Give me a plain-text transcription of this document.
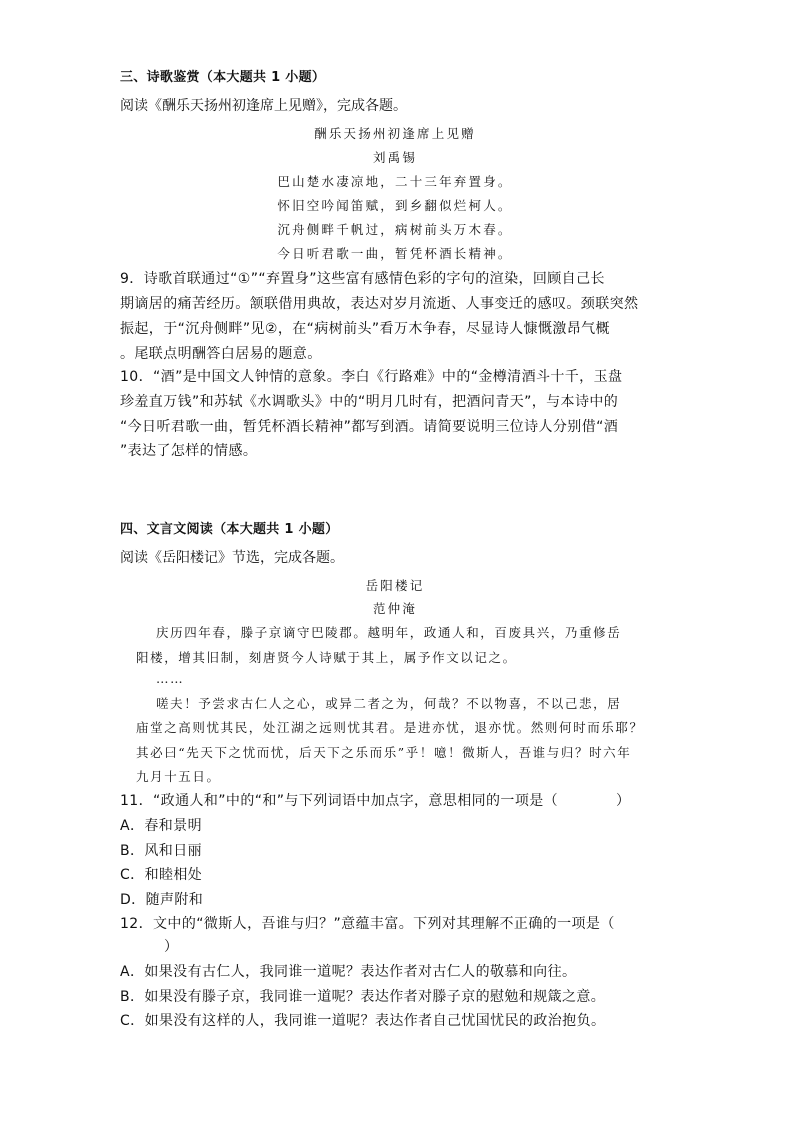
三、诗歌鉴赏（本大题共 1 小题）
阅读《酬乐天扬州初逢席上见赠》，完成各题。
酬乐天扬州初逢席上见赠
刘禹锡
巴山楚水凄凉地，二十三年弃置身。
怀旧空吟闻笛赋，到乡翻似烂柯人。
沉舟侧畔千帆过，病树前头万木春。
今日听君歌一曲，暂凭杯酒长精神。
9．诗歌首联通过“①”“弃置身”这些富有感情色彩的字句的渲染，回顾自己长
期谪居的痛苦经历。颔联借用典故，表达对岁月流逝、人事变迁的感叹。颈联突然
振起，于“沉舟侧畔”见②，在“病树前头”看万木争春，尽显诗人慷慨激昂气概
。尾联点明酬答白居易的题意。
10．“酒”是中国文人钟情的意象。李白《行路难》中的“金樽清酒斗十千，玉盘
珍羞直万钱”和苏轼《水调歌头》中的“明月几时有，把酒问青天”，与本诗中的
“今日听君歌一曲，暂凭杯酒长精神”都写到酒。请简要说明三位诗人分别借“酒
”表达了怎样的情感。
四、文言文阅读（本大题共 1 小题）
阅读《岳阳楼记》节选，完成各题。
岳阳楼记
范仲淹
庆历四年春，滕子京谪守巴陵郡。越明年，政通人和，百废具兴，乃重修岳
阳楼，增其旧制，刻唐贤今人诗赋于其上，属予作文以记之。
……
嗟夫！予尝求古仁人之心，或异二者之为，何哉？不以物喜，不以己悲，居
庙堂之高则忧其民，处江湖之远则忧其君。是进亦忧，退亦忧。然则何时而乐耶？
其必曰“先天下之忧而忧，后天下之乐而乐”乎！噫！微斯人，吾谁与归？时六年
九月十五日。
11．“政通人和”中的“和”与下列词语中加点字，意思相同的一项是（	）
A．春和景明
B．风和日丽
C．和睦相处
D．随声附和
12．文中的“微斯人，吾谁与归？”意蕴丰富。下列对其理解不正确的一项是（
）
A．如果没有古仁人，我同谁一道呢？表达作者对古仁人的敬慕和向往。
B．如果没有滕子京，我同谁一道呢？表达作者对滕子京的慰勉和规箴之意。
C．如果没有这样的人，我同谁一道呢？表达作者自己忧国忧民的政治抱负。
